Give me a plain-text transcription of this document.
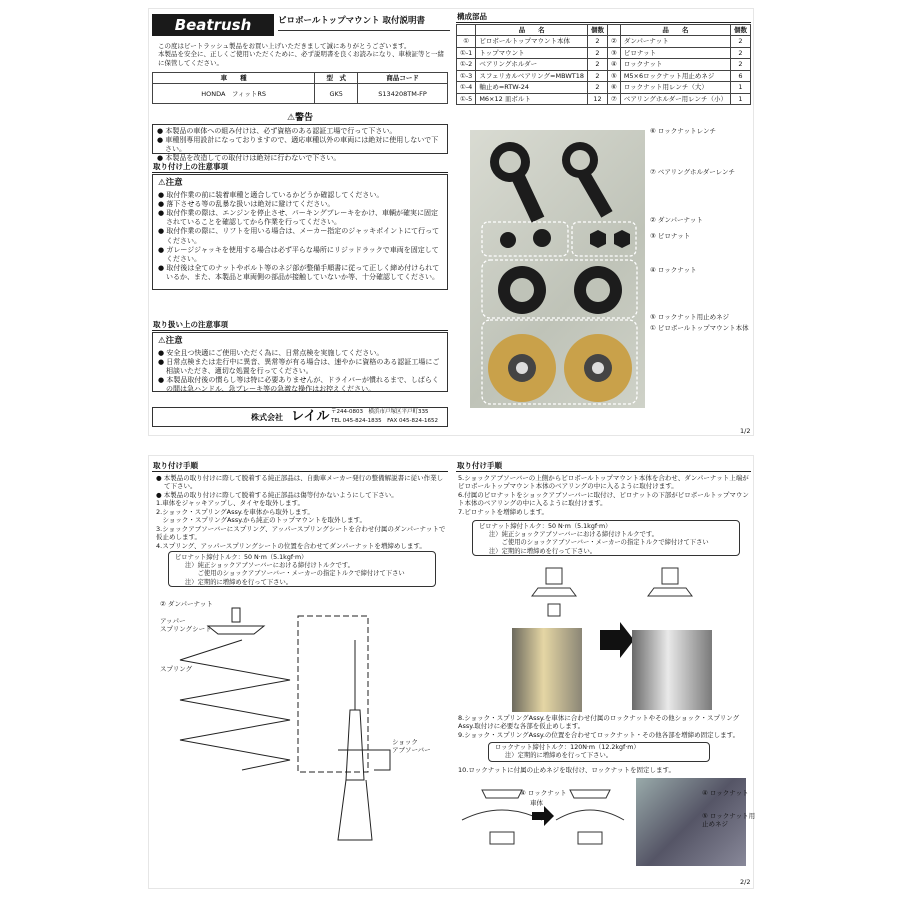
Beatrush	ピロボールトップマウント 取付説明書
この度はビートラッシュ製品をお買い上げいただきまして誠にありがとうございます。
本製品を安全に、正しくご使用いただくために、必ず説明書を良くお読みになり、車検証等と一緒に保管してください。
車　　種	型　式	商品コード
HONDA　フィットRS	GK5	S134208TM-FP
⚠警告
● 本製品の車体への組み付けは、必ず資格のある認証工場で行って下さい。
● 車種別専用設計になっておりますので、適応車種以外の車両には絶対に使用しないで下さい。
● 本製品を改造しての取付けは絶対に行わないで下さい。
取り付け上の注意事項
⚠注意
● 取付作業の前に装着車種と適合しているかどうか確認してください。
● 落下させる等の乱暴な扱いは絶対に避けてください。
● 取付作業の際は、エンジンを停止させ、パーキングブレーキをかけ、車輌が確実に固定されていることを確認してから作業を行ってください。
● 取付作業の際に、リフトを用いる場合は、メーカー指定のジャッキポイントにて行ってください。
● ガレージジャッキを使用する場合は必ず平らな場所にリジッドラックで車両を固定してください。
● 取付後は全てのナットやボルト等のネジ部が整備手順書に従って正しく締め付けられているか、また、本製品と車両側の部品が接触していないか等、十分確認してください。
取り扱い上の注意事項
⚠注意
● 安全且つ快適にご使用いただく為に、日常点検を実施してください。
● 日常点検または走行中に異音、異常等が有る場合は、速やかに資格のある認証工場にご相談いただき、適切な処置を行ってください。
● 本製品取付後の慣らし等は特に必要ありませんが、ドライバーが慣れるまで、しばらくの間は急ハンドル、急ブレーキ等の急激な操作はお控えください。
株式会社 レイル 〒244-0803　横浜市戸塚区平戸町335
TEL 045-824-1835　FAX 045-824-1652
構成部品
	品　　名	個数		品　　名	個数
①	ピロボールトップマウント本体	2	②	ダンパーナット	2
①-1	トップマウント	2	③	ピロナット	2
①-2	ベアリングホルダー	2	④	ロックナット	2
①-3	スフェリカルベアリング=MBWT18	2	⑤	M5×6ロックナット用止めネジ	6
①-4	軸止め=RTW-24	2	⑥	ロックナット用レンチ（大）	1
①-5	M6×12 皿ボルト	12	⑦	ベアリングホルダー用レンチ（小）	1
⑥ ロックナットレンチ
⑦ ベアリングホルダーレンチ
② ダンパーナット
③ ピロナット
④ ロックナット
⑤ ロックナット用止めネジ
① ピロボールトップマウント本体
1/2
取り付け手順
● 本製品の取り付けに際して脱着する純正部品は、自動車メーカー発行の整備解説書に従い作業して下さい。
● 本製品の取り付けに際して脱着する純正部品は傷等付かないようにして下さい。
1.車体をジャッキアップし、タイヤを取外します。
2.ショック・スプリングAssy.を車体から取外します。
　ショック・スプリングAssy.から純正のトップマウントを取外します。
3.ショックアブソーバーにスプリング、アッパースプリングシートを合わせ付属のダンパーナットで仮止めします。
4.スプリング、アッパースプリングシートの位置を合わせてダンパーナットを増締めします。
ピロナット締付トルク：50 N·m（5.1kgf·m）
注）純正ショックアブソーバーにおける締付けトルクです。
　　ご使用のショックアブソーバー・メーカーの指定トルクで締付けて下さい
注）定期的に増締めを行って下さい。
② ダンパーナット
アッパー
スプリングシート
スプリング
ショック
アブソーバー
取り付け手順
5.ショックアブソーバーの上側からピロボールトップマウント本体を合わせ、ダンパーナット上端がピロボールトップマウント本体のベアリングの中に入るように取付けます。
6.付属のピロナットをショックアブソーバーに取付け、ピロナットの下部がピロボールトップマウント本体のベアリングの中に入るように取付けます。
7.ピロナットを増締めします。
ピロナット締付トルク：50 N·m（5.1kgf·m）
注）純正ショックアブソーバーにおける締付けトルクです。
　　ご使用のショックアブソーバー・メーカーの指定トルクで締付けて下さい
注）定期的に増締めを行って下さい。
8.ショック・スプリングAssy.を車体に合わせ付属のロックナットやその他ショック・スプリングAssy.取付けに必要な各部を仮止めします。
9.ショック・スプリングAssy.の位置を合わせてロックナット・その他各部を増締め固定します。
ロックナット締付トルク：120N·m（12.2kgf·m）
注）定期的に増締めを行って下さい。
10.ロックナットに付属の止めネジを取付け、ロックナットを固定します。
④ ロックナット
車体
④ ロックナット
⑤ ロックナット用
止めネジ
2/2
